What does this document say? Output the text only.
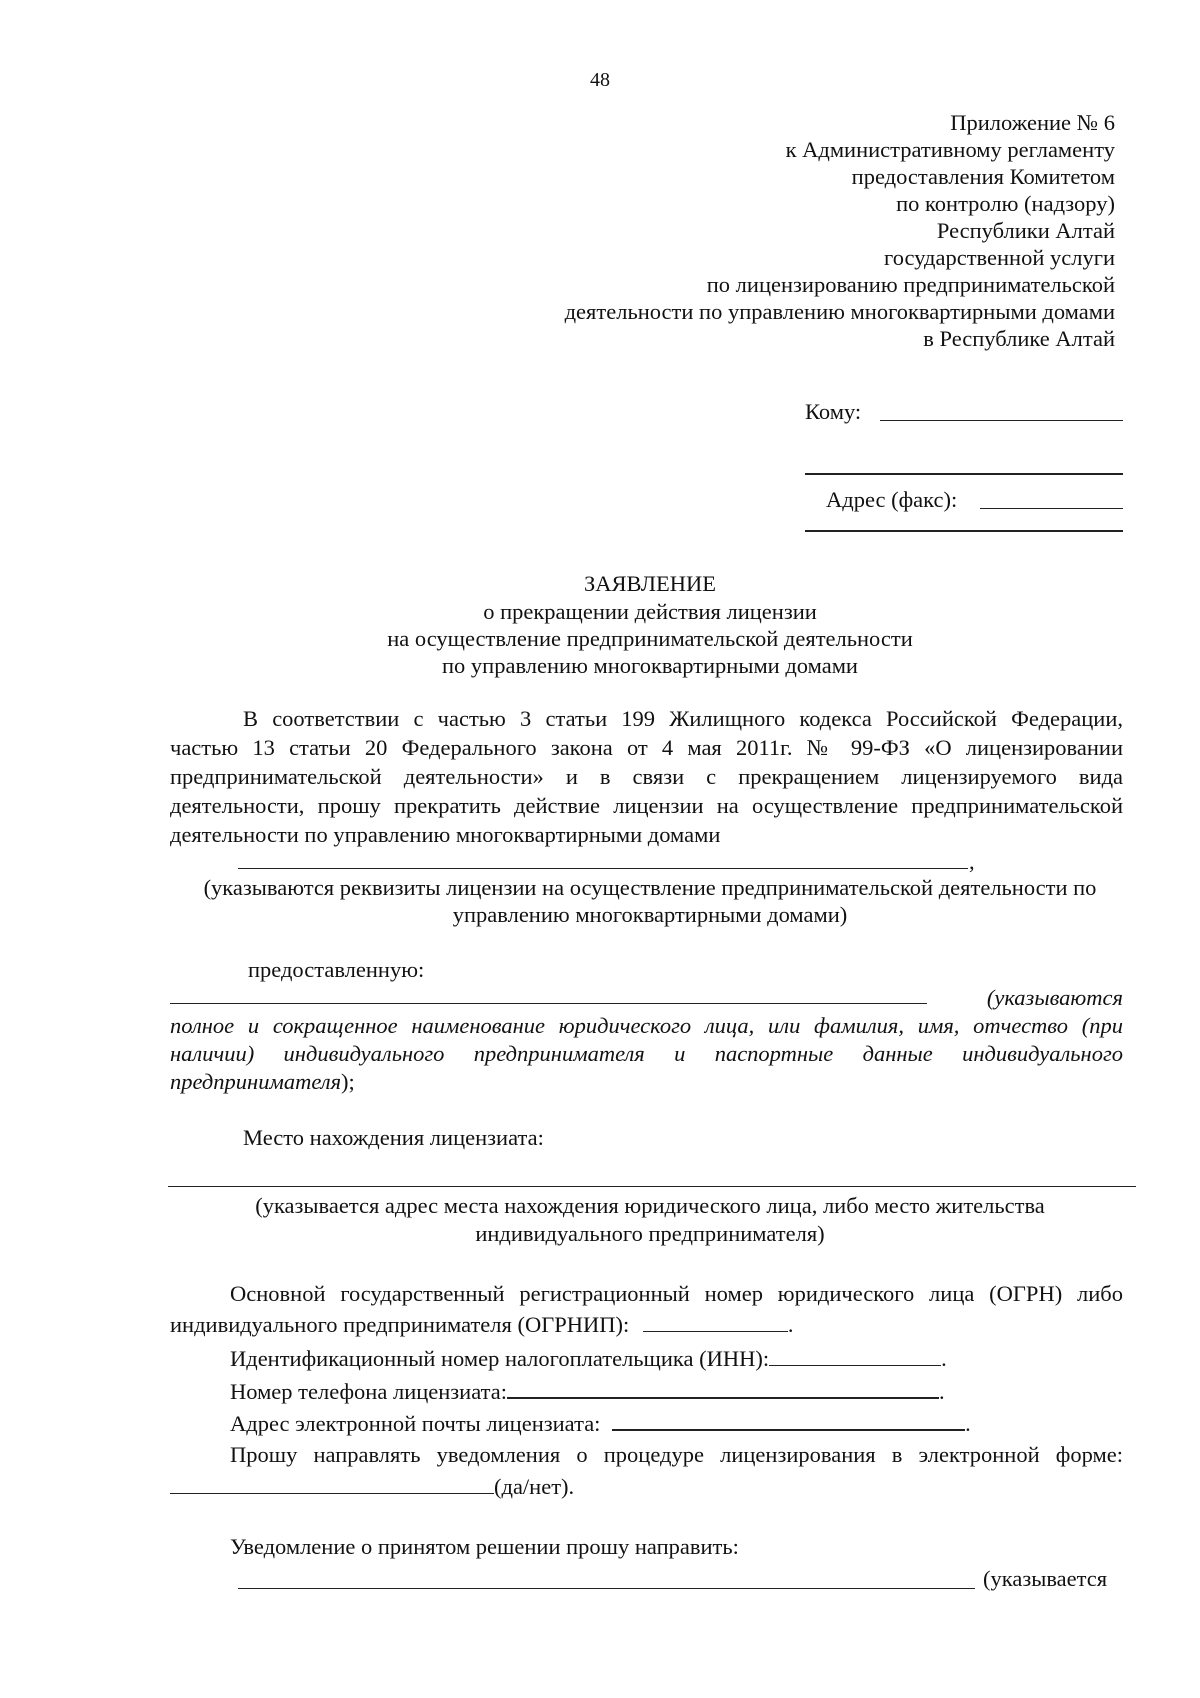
48
Приложение № 6
к Административному регламенту
предоставления Комитетом
по контролю (надзору)
Республики Алтай
государственной услуги
по лицензированию предпринимательской
деятельности по управлению многоквартирными домами
в Республике Алтай
Кому:
Адрес (факс):
ЗАЯВЛЕНИЕ
о прекращении действия лицензии
на осуществление предпринимательской деятельности
по управлению многоквартирными домами
В соответствии с частью 3 статьи 199 Жилищного кодекса Российской Федерации,
частью 13 статьи 20 Федерального закона от 4 мая 2011г. № 99-ФЗ «О лицензировании
предпринимательской деятельности» и в связи с прекращением лицензируемого вида
деятельности, прошу прекратить действие лицензии на осуществление предпринимательской
деятельности по управлению многоквартирными домами
,
(указываются реквизиты лицензии на осуществление предпринимательской деятельности по
управлению многоквартирными домами)
предоставленную:
(указываются
полное и сокращенное наименование юридического лица, или фамилия, имя, отчество (при
наличии) индивидуального предпринимателя и паспортные данные индивидуального
предпринимателя);
Место нахождения лицензиата:
(указывается адрес места нахождения юридического лица, либо место жительства
индивидуального предпринимателя)
Основной государственный регистрационный номер юридического лица (ОГРН) либо
индивидуального предпринимателя (ОГРНИП):	.
Идентификационный номер налогоплательщика (ИНН):	.
Номер телефона лицензиата:	.
Адрес электронной почты лицензиата:	.
Прошу направлять уведомления о процедуре лицензирования в электронной форме:
(да/нет).
Уведомление о принятом решении прошу направить:
(указывается
